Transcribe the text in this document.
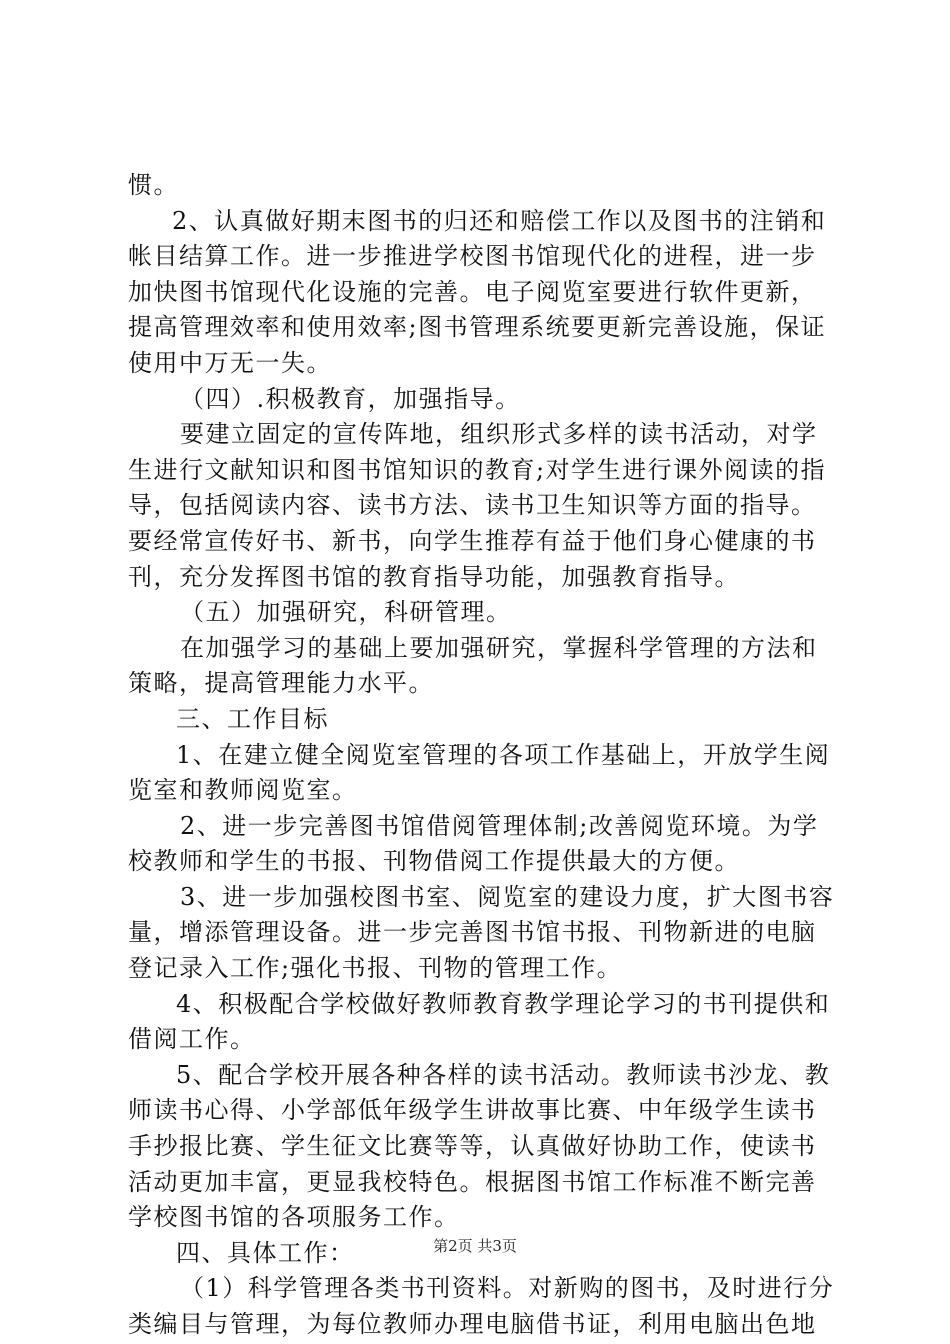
惯。
2、认真做好期末图书的归还和赔偿工作以及图书的注销和
帐目结算工作。进一步推进学校图书馆现代化的进程，进一步
加快图书馆现代化设施的完善。电子阅览室要进行软件更新，
提高管理效率和使用效率;图书管理系统要更新完善设施，保证
使用中万无一失。
（四）.积极教育，加强指导。
要建立固定的宣传阵地，组织形式多样的读书活动，对学
生进行文献知识和图书馆知识的教育;对学生进行课外阅读的指
导，包括阅读内容、读书方法、读书卫生知识等方面的指导。
要经常宣传好书、新书，向学生推荐有益于他们身心健康的书
刊，充分发挥图书馆的教育指导功能，加强教育指导。
（五）加强研究，科研管理。
在加强学习的基础上要加强研究，掌握科学管理的方法和
策略，提高管理能力水平。
三、工作目标
1、在建立健全阅览室管理的各项工作基础上，开放学生阅
览室和教师阅览室。
2、进一步完善图书馆借阅管理体制;改善阅览环境。为学
校教师和学生的书报、刊物借阅工作提供最大的方便。
3、进一步加强校图书室、阅览室的建设力度，扩大图书容
量，增添管理设备。进一步完善图书馆书报、刊物新进的电脑
登记录入工作;强化书报、刊物的管理工作。
4、积极配合学校做好教师教育教学理论学习的书刊提供和
借阅工作。
5、配合学校开展各种各样的读书活动。教师读书沙龙、教
师读书心得、小学部低年级学生讲故事比赛、中年级学生读书
手抄报比赛、学生征文比赛等等，认真做好协助工作，使读书
活动更加丰富，更显我校特色。根据图书馆工作标准不断完善
学校图书馆的各项服务工作。
四、具体工作：
（1）科学管理各类书刊资料。对新购的图书，及时进行分
类编目与管理，为每位教师办理电脑借书证，利用电脑出色地
第2页 共3页
